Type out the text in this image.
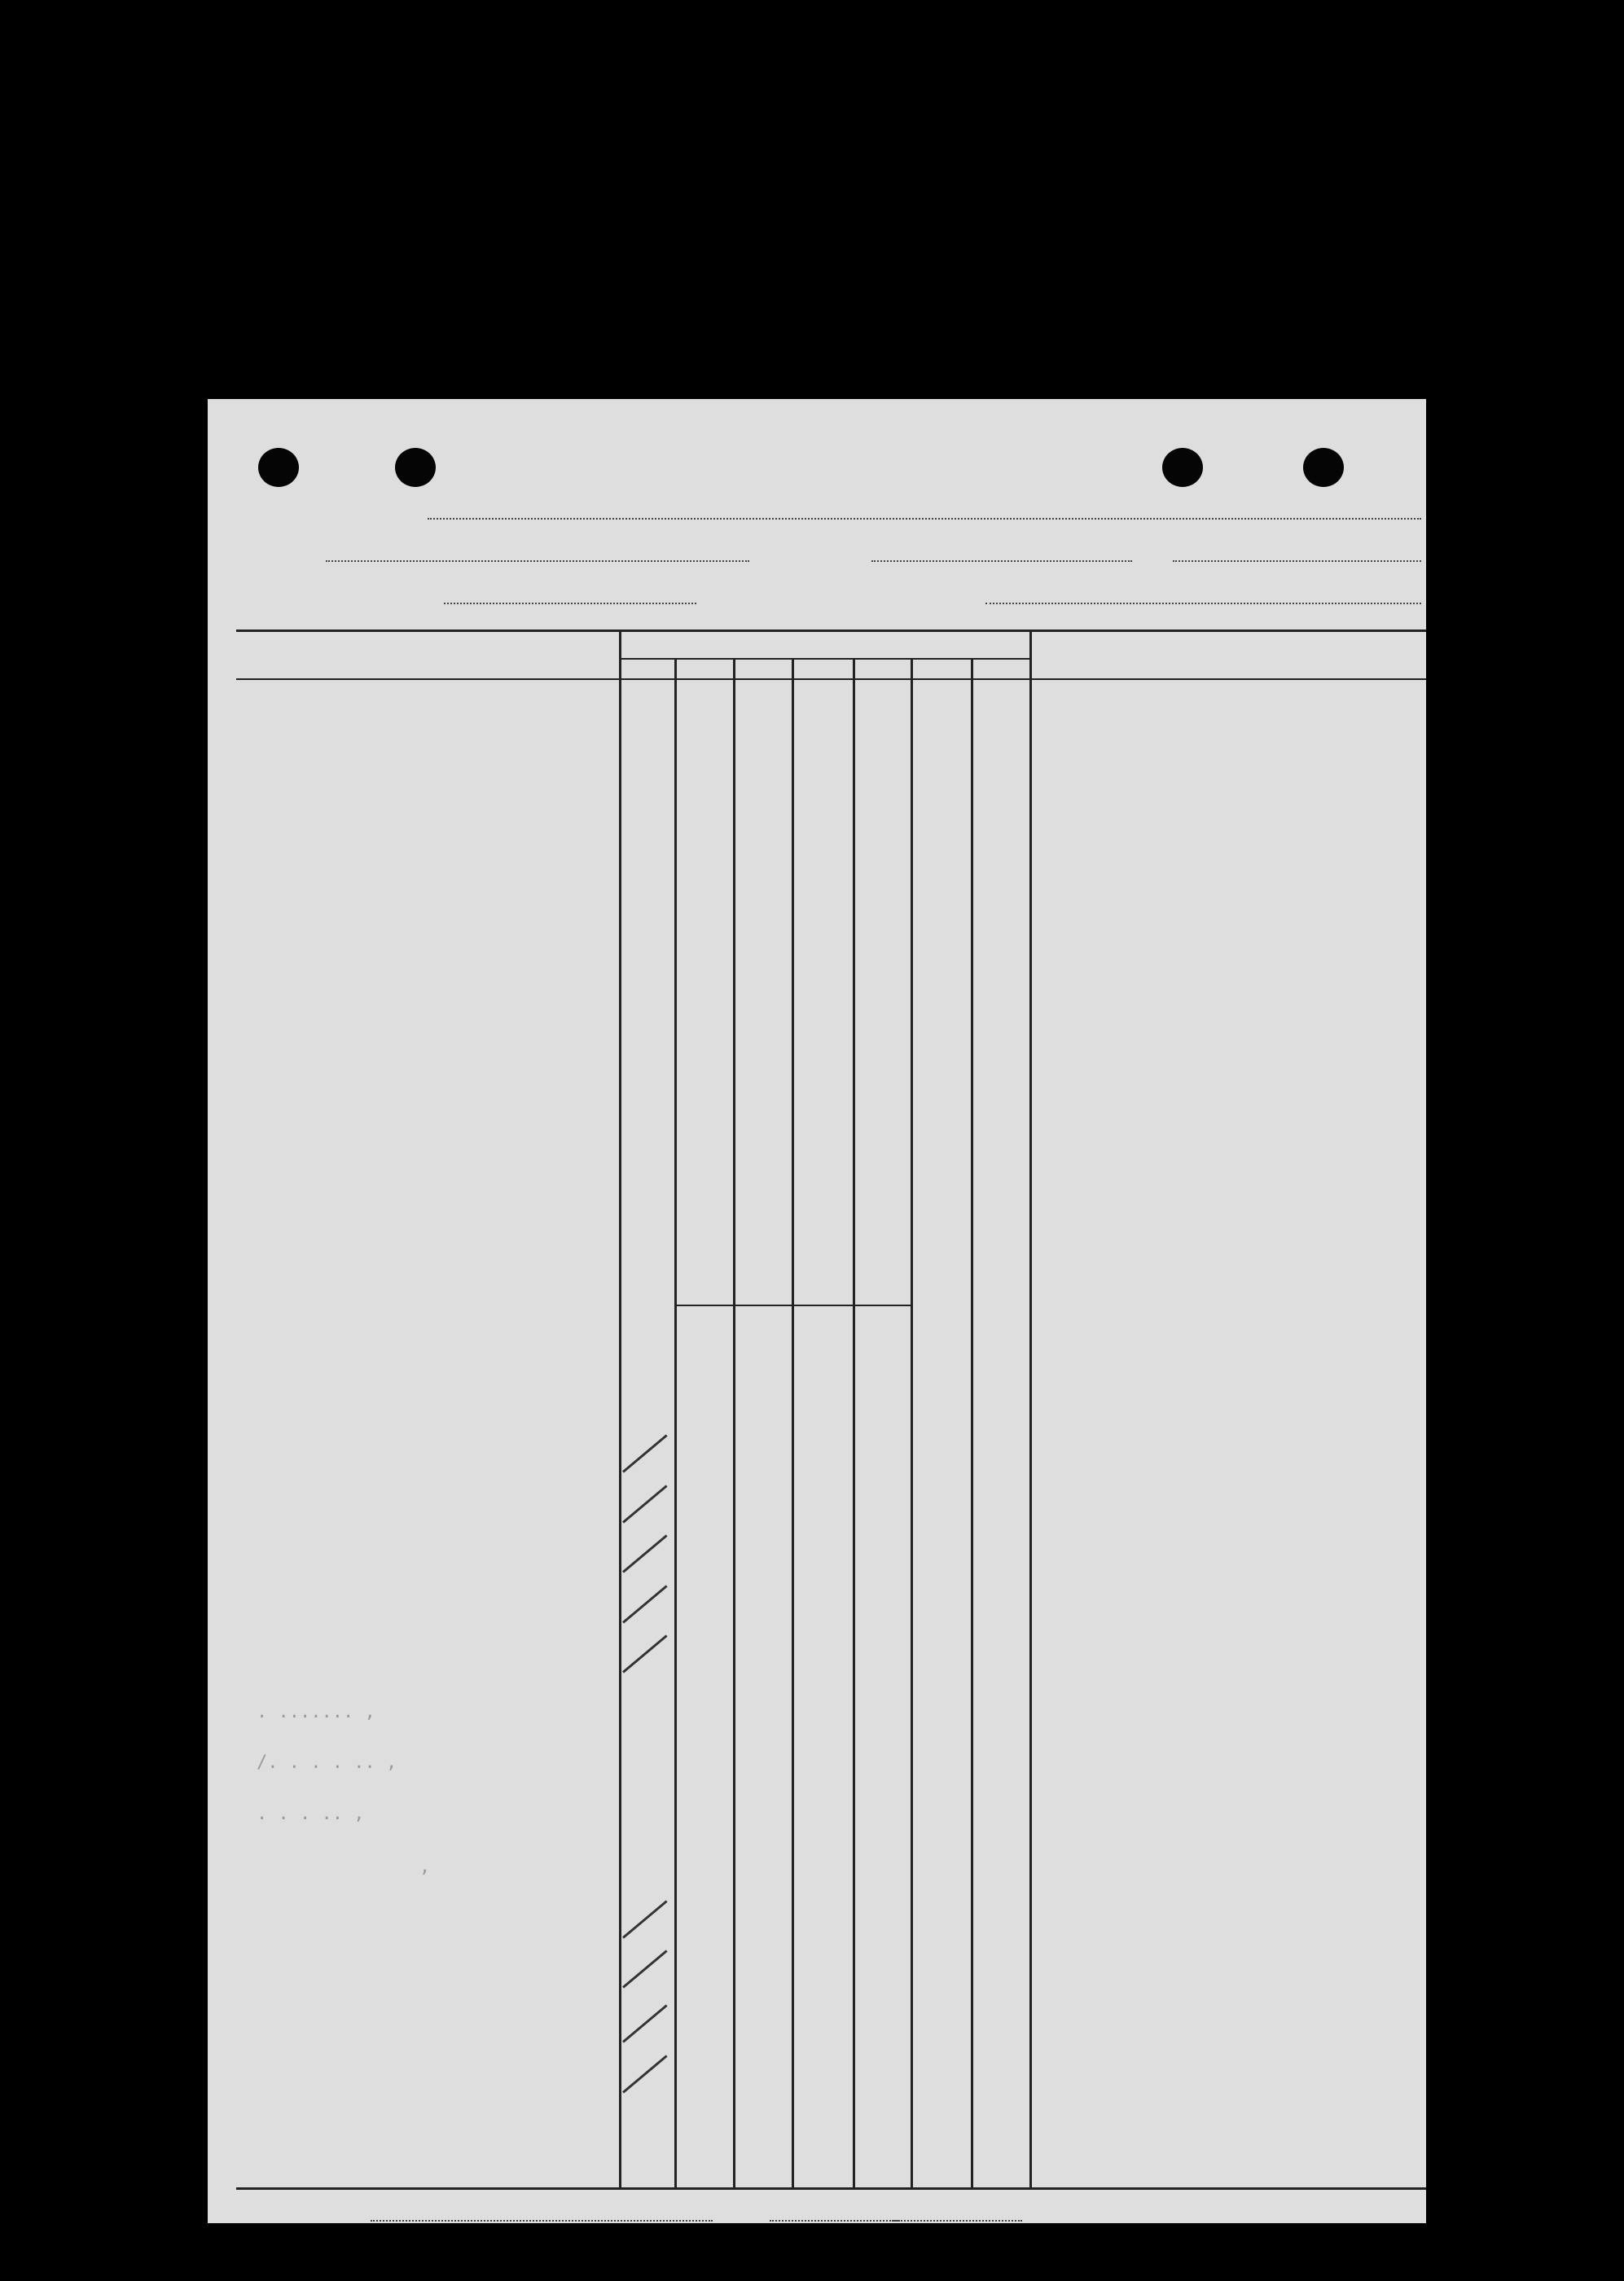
. ....... ,
/. . . . .. ,
. . . .. ,
,
